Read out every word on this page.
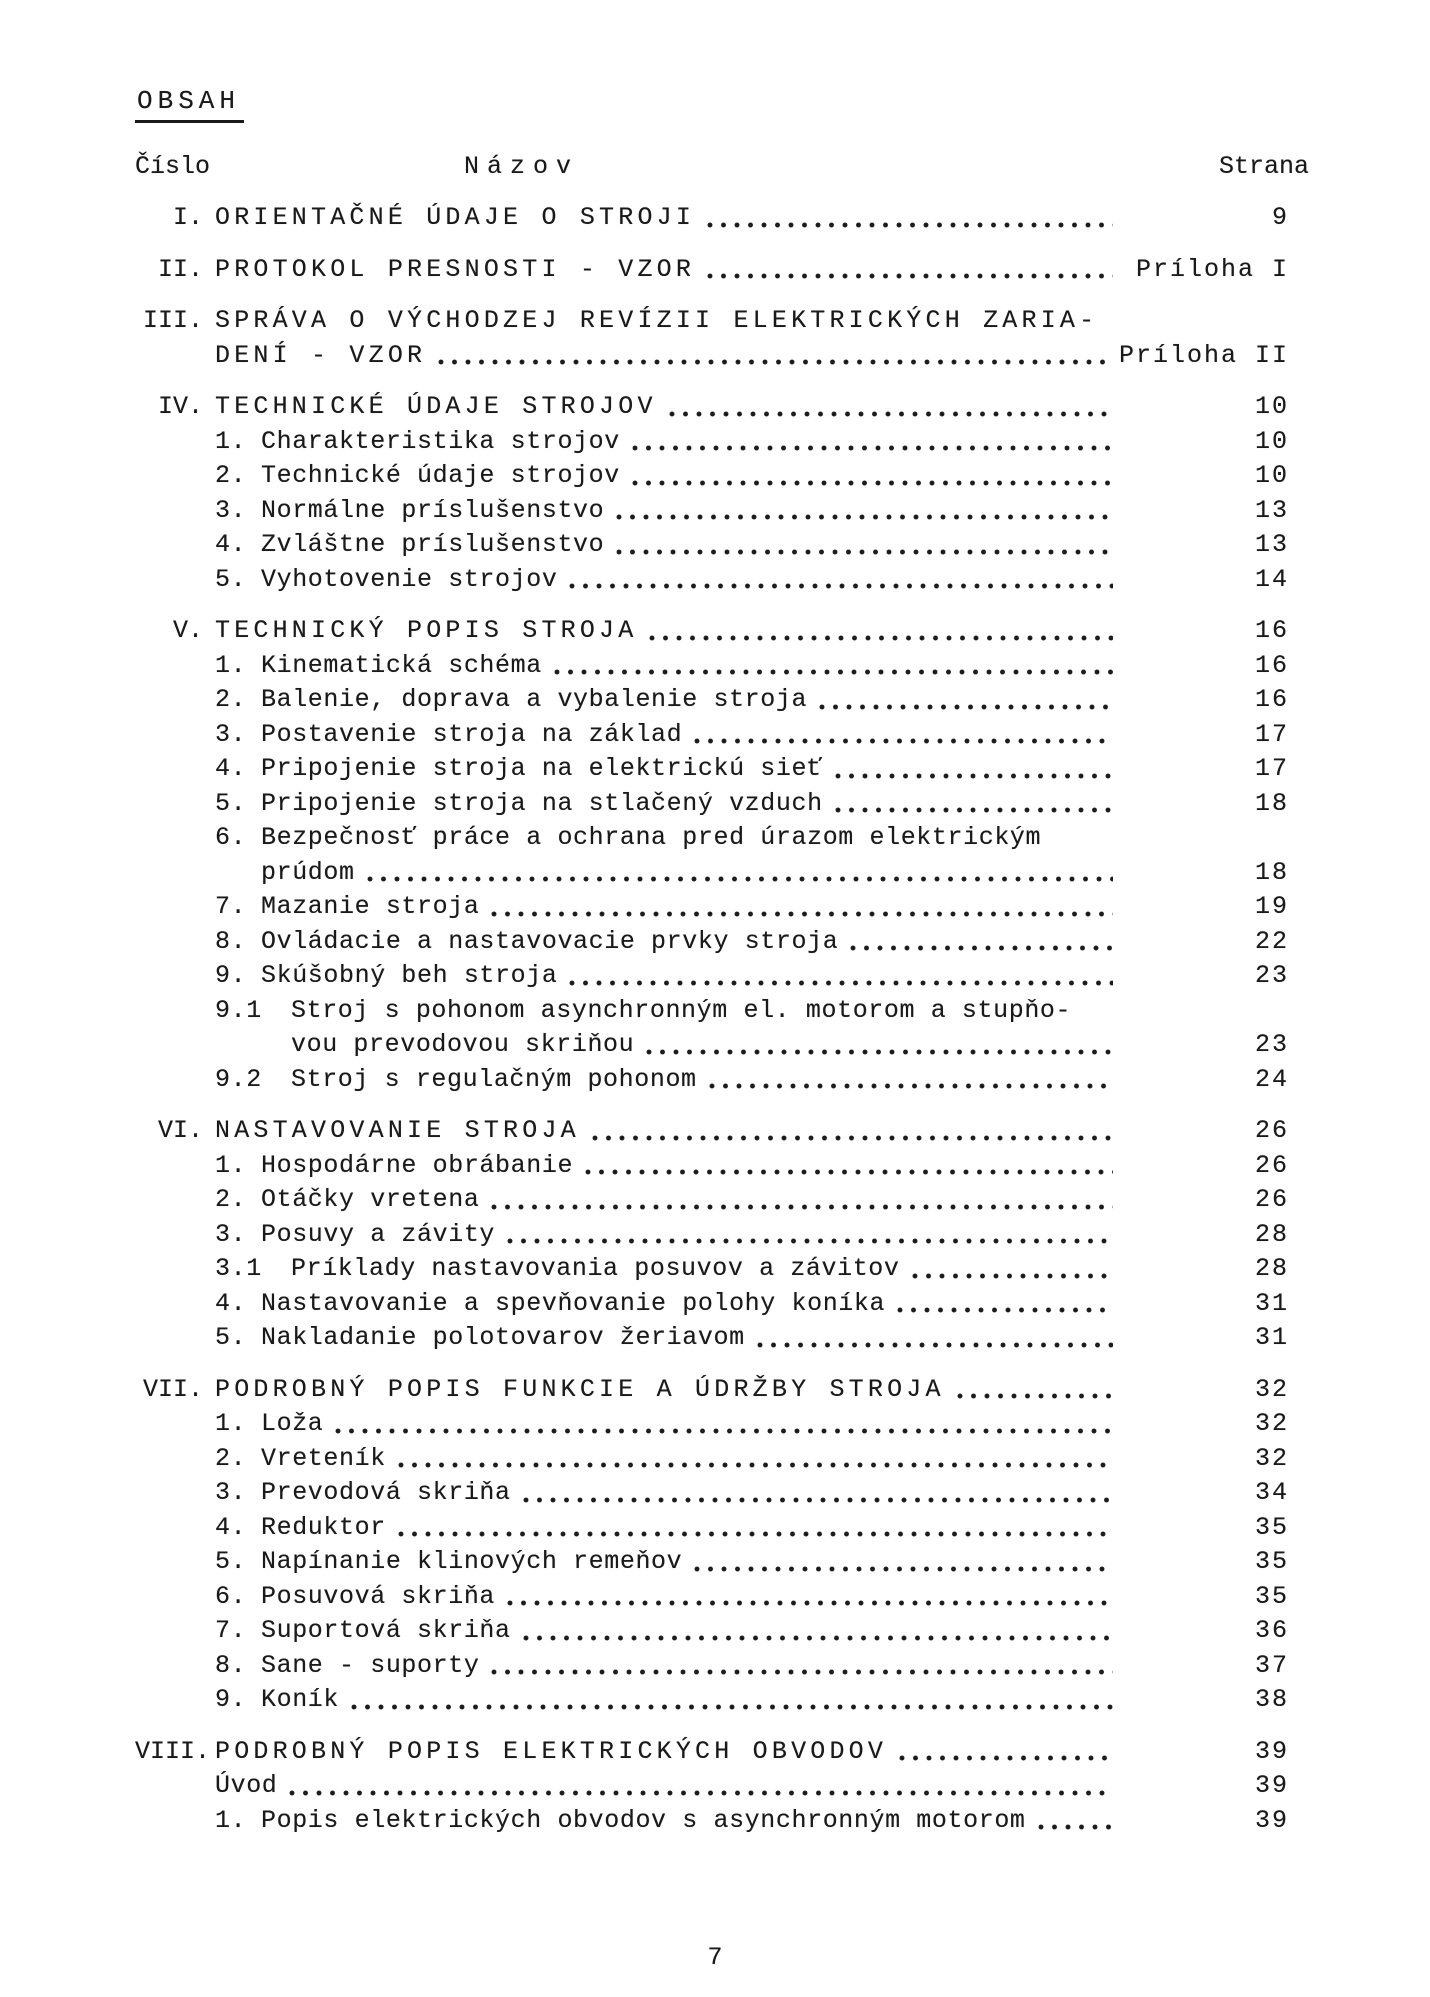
OBSAH
Číslo	Názov	Strana
I. ORIENTAČNÉ ÚDAJE O STROJI	9
II. PROTOKOL PRESNOSTI - VZOR	Príloha I
III. SPRÁVA O VÝCHODZEJ REVÍZII ELEKTRICKÝCH ZARIA-
DENÍ - VZOR	Príloha II
IV. TECHNICKÉ ÚDAJE STROJOV	10
1. Charakteristika strojov	10
2. Technické údaje strojov	10
3. Normálne príslušenstvo	13
4. Zvláštne príslušenstvo	13
5. Vyhotovenie strojov	14
V. TECHNICKÝ POPIS STROJA	16
1. Kinematická schéma	16
2. Balenie, doprava a vybalenie stroja	16
3. Postavenie stroja na základ	17
4. Pripojenie stroja na elektrickú sieť	17
5. Pripojenie stroja na stlačený vzduch	18
6. Bezpečnosť práce a ochrana pred úrazom elektrickým
prúdom	18
7. Mazanie stroja	19
8. Ovládacie a nastavovacie prvky stroja	22
9. Skúšobný beh stroja	23
9.1	Stroj s pohonom asynchronným el. motorom a stupňo-
vou prevodovou skriňou	23
9.2	Stroj s regulačným pohonom	24
VI. NASTAVOVANIE STROJA	26
1. Hospodárne obrábanie	26
2. Otáčky vretena	26
3. Posuvy a závity	28
3.1	Príklady nastavovania posuvov a závitov	28
4. Nastavovanie a spevňovanie polohy koníka	31
5. Nakladanie polotovarov žeriavom	31
VII. PODROBNÝ POPIS FUNKCIE A ÚDRŽBY STROJA	32
1. Loža	32
2. Vreteník	32
3. Prevodová skriňa	34
4. Reduktor	35
5. Napínanie klinových remeňov	35
6. Posuvová skriňa	35
7. Suportová skriňa	36
8. Sane - suporty	37
9. Koník	38
VIII. PODROBNÝ POPIS ELEKTRICKÝCH OBVODOV	39
Úvod	39
1. Popis elektrických obvodov s asynchronným motorom	39
7
